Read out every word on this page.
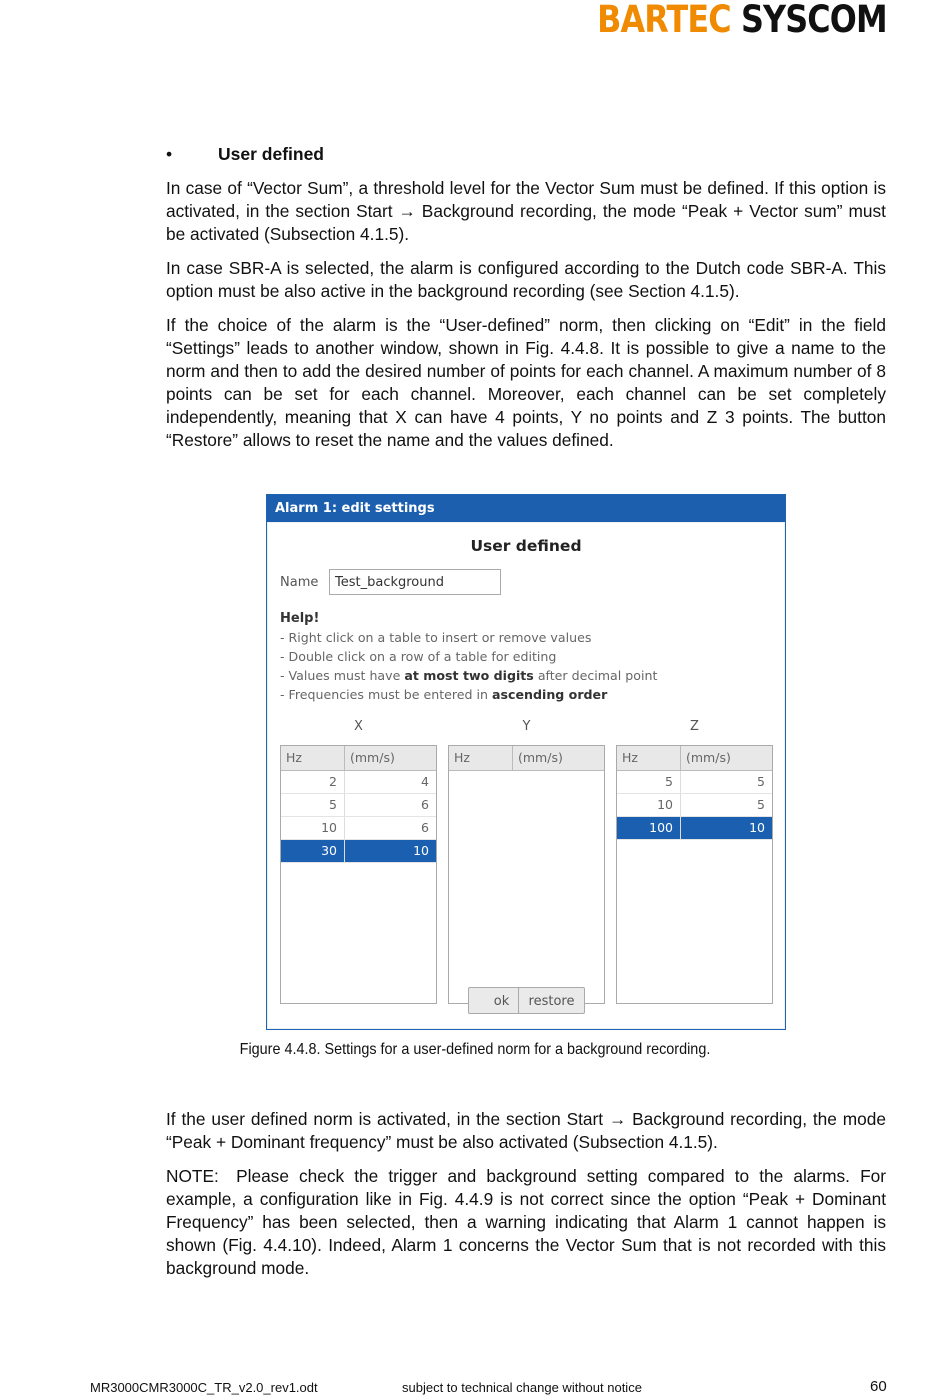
BARTEC SYSCOM
•	User defined

In case of “Vector Sum”, a threshold level for the Vector Sum must be defined. If this option is activated, in the section Start → Background recording, the mode “Peak + Vector sum” must be activated (Subsection 4.1.5).

In case SBR-A is selected, the alarm is configured according to the Dutch code SBR-A. This option must be also active in the background recording (see Section 4.1.5).

If the choice of the alarm is the “User-defined” norm, then clicking on “Edit” in the field “Settings” leads to another window, shown in Fig. 4.4.8. It is possible to give a name to the norm and then to add the desired number of points for each channel. A maximum number of 8 points can be set for each channel. Moreover, each channel can be set completely independently, meaning that X can have 4 points, Y no points and Z 3 points. The button “Restore” allows to reset the name and the values defined.

Alarm 1: edit settings
User defined
Name	Test_background
Help!
- Right click on a table to insert or remove values
- Double click on a row of a table for editing
- Values must have at most two digits after decimal point
- Frequencies must be entered in ascending order
X	Y	Z
Hz	(mm/s)
2	4
5	6
10	6
30	10
Hz	(mm/s)	Hz	(mm/s)
5	5
10	5
100	10
ok	restore
Figure 4.4.8. Settings for a user-defined norm for a background recording.

If the user defined norm is activated, in the section Start → Background recording, the mode “Peak + Dominant frequency” must be also activated (Subsection 4.1.5).

NOTE: Please check the trigger and background setting compared to the alarms. For example, a configuration like in Fig. 4.4.9 is not correct since the option “Peak + Dominant Frequency” has been selected, then a warning indicating that Alarm 1 cannot happen is shown (Fig. 4.4.10). Indeed, Alarm 1 concerns the Vector Sum that is not recorded with this background mode.

MR3000CMR3000C_TR_v2.0_rev1.odt	subject to technical change without notice	60
